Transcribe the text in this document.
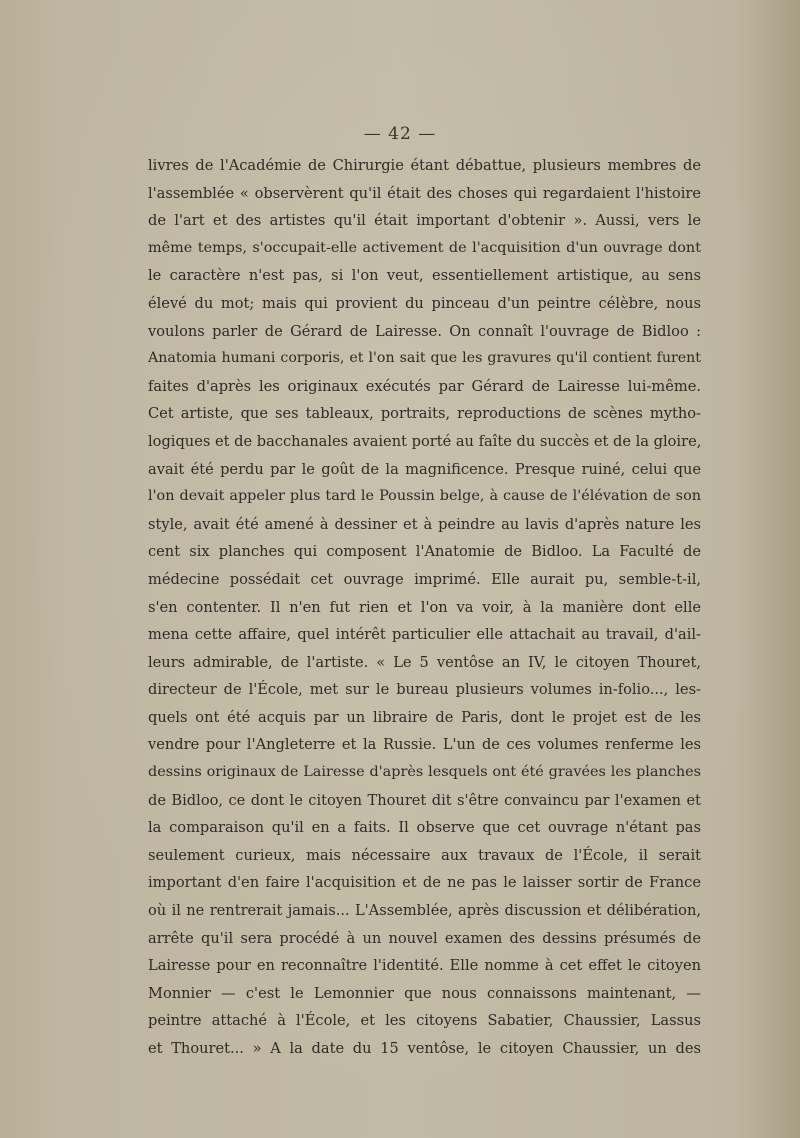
— 42 —
livres de l'Académie de Chirurgie étant débattue, plusieurs membres de
l'assemblée « observèrent qu'il était des choses qui regardaient l'histoire
de l'art et des artistes qu'il était important d'obtenir ». Aussi, vers le
même temps, s'occupait-elle activement de l'acquisition d'un ouvrage dont
le caractère n'est pas, si l'on veut, essentiellement artistique, au sens
élevé du mot; mais qui provient du pinceau d'un peintre célèbre, nous
voulons parler de Gérard de Lairesse. On connaît l'ouvrage de Bidloo :
Anatomia humani corporis, et l'on sait que les gravures qu'il contient furent
faites d'après les originaux exécutés par Gérard de Lairesse lui-même.
Cet artiste, que ses tableaux, portraits, reproductions de scènes mytho-
logiques et de bacchanales avaient porté au faîte du succès et de la gloire,
avait été perdu par le goût de la magnificence. Presque ruiné, celui que
l'on devait appeler plus tard le Poussin belge, à cause de l'élévation de son
style, avait été amené à dessiner et à peindre au lavis d'après nature les
cent six planches qui composent l'Anatomie de Bidloo. La Faculté de
médecine possédait cet ouvrage imprimé. Elle aurait pu, semble-t-il,
s'en contenter. Il n'en fut rien et l'on va voir, à la manière dont elle
mena cette affaire, quel intérêt particulier elle attachait au travail, d'ail-
leurs admirable, de l'artiste. « Le 5 ventôse an IV, le citoyen Thouret,
directeur de l'École, met sur le bureau plusieurs volumes in-folio..., les-
quels ont été acquis par un libraire de Paris, dont le projet est de les
vendre pour l'Angleterre et la Russie. L'un de ces volumes renferme les
dessins originaux de Lairesse d'après lesquels ont été gravées les planches
de Bidloo, ce dont le citoyen Thouret dit s'être convaincu par l'examen et
la comparaison qu'il en a faits. Il observe que cet ouvrage n'étant pas
seulement curieux, mais nécessaire aux travaux de l'École, il serait
important d'en faire l'acquisition et de ne pas le laisser sortir de France
où il ne rentrerait jamais... L'Assemblée, après discussion et délibération,
arrête qu'il sera procédé à un nouvel examen des dessins présumés de
Lairesse pour en reconnaître l'identité. Elle nomme à cet effet le citoyen
Monnier — c'est le Lemonnier que nous connaissons maintenant, —
peintre attaché à l'École, et les citoyens Sabatier, Chaussier, Lassus
et Thouret... » A la date du 15 ventôse, le citoyen Chaussier, un des
